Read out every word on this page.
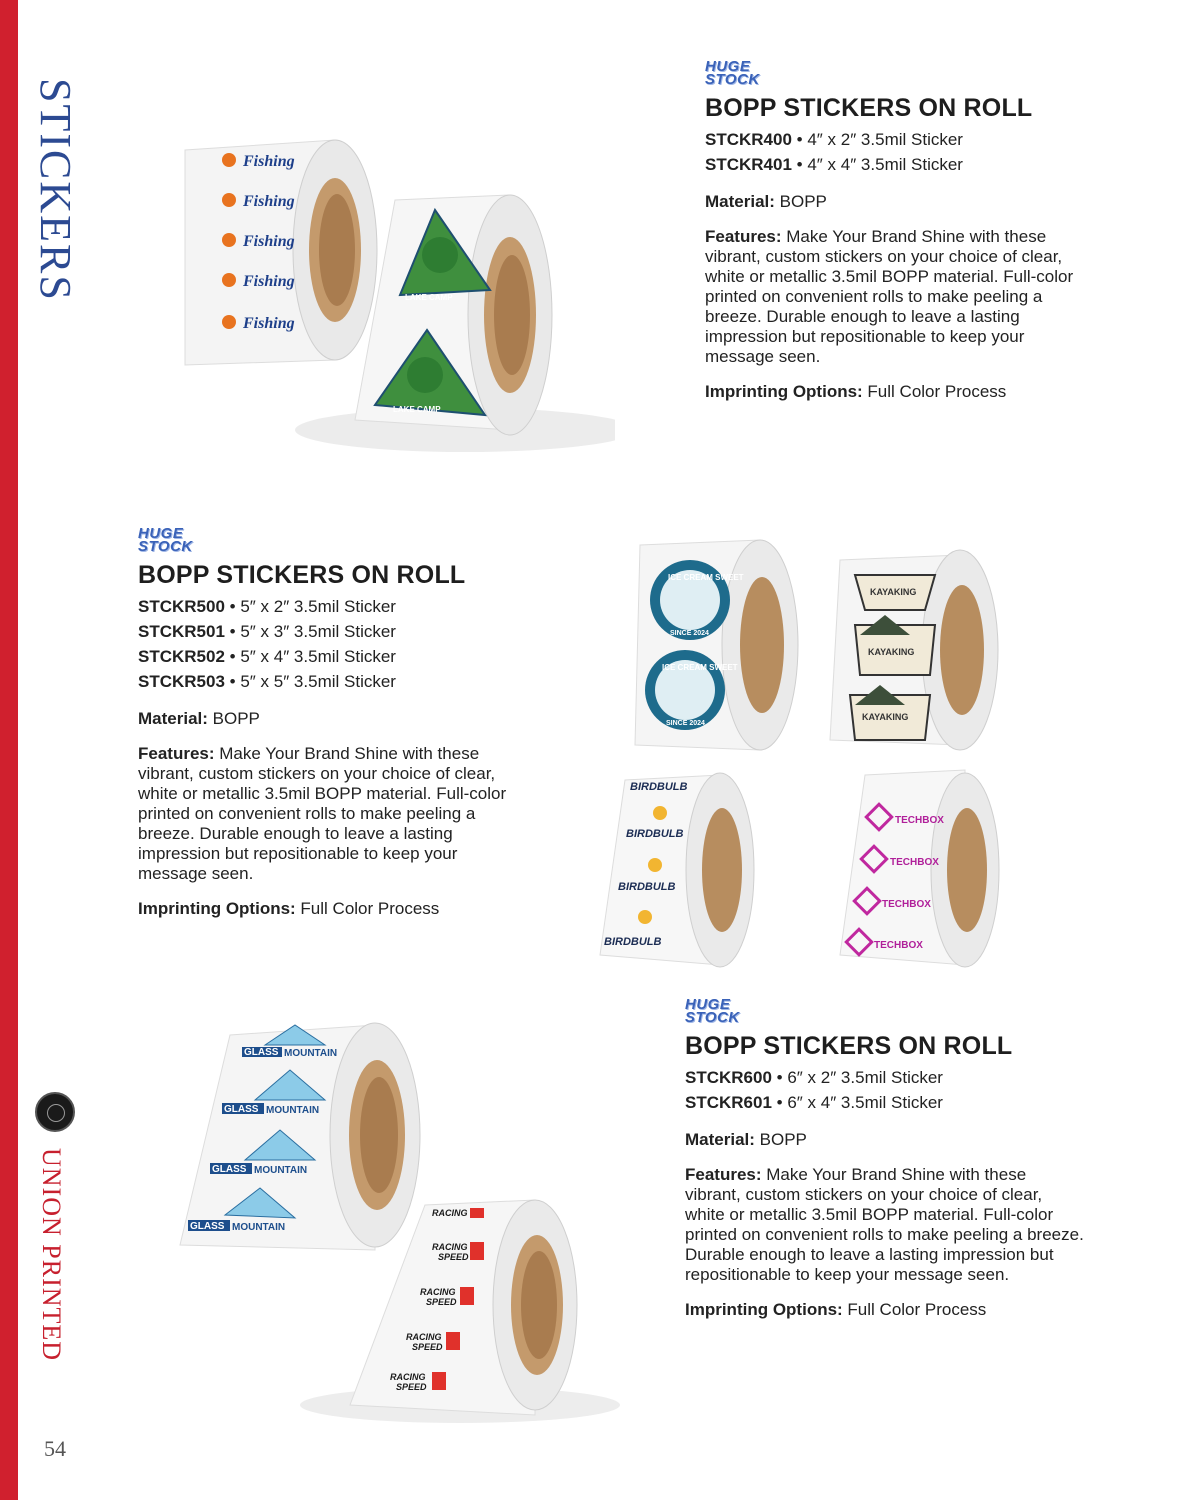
STICKERS
UNION PRINTED
54
HUGE
STOCK
BOPP STICKERS ON ROLL
STCKR400 • 4″ x 2″ 3.5mil Sticker
STCKR401 • 4″ x 4″ 3.5mil Sticker
Material: BOPP
Features: Make Your Brand Shine with these vibrant, custom stickers on your choice of clear, white or metallic 3.5mil BOPP material. Full-color printed on convenient rolls to make peeling a breeze. Durable enough to leave a lasting impression but repositionable to keep your message seen.
Imprinting Options: Full Color Process
Fishing
Fishing
Fishing
Fishing
Fishing
LAKE CAMP
LAKE CAMP
HUGE
STOCK
BOPP STICKERS ON ROLL
STCKR500 • 5″ x 2″ 3.5mil Sticker
STCKR501 • 5″ x 3″ 3.5mil Sticker
STCKR502 • 5″ x 4″ 3.5mil Sticker
STCKR503 • 5″ x 5″ 3.5mil Sticker
Material: BOPP
Features: Make Your Brand Shine with these vibrant, custom stickers on your choice of clear, white or metallic 3.5mil BOPP material. Full-color printed on convenient rolls to make peeling a breeze. Durable enough to leave a lasting impression but repositionable to keep your message seen.
Imprinting Options: Full Color Process
ICE CREAM SWEET
SINCE 2024
ICE CREAM SWEET
SINCE 2024
KAYAKING
KAYAKING
KAYAKING
BIRDBULB
BIRDBULB
BIRDBULB
BIRDBULB
TECHBOX
TECHBOX
TECHBOX
TECHBOX
HUGE
STOCK
BOPP STICKERS ON ROLL
STCKR600 • 6″ x 2″ 3.5mil Sticker
STCKR601 • 6″ x 4″ 3.5mil Sticker
Material: BOPP
Features: Make Your Brand Shine with these vibrant, custom stickers on your choice of clear, white or metallic 3.5mil BOPP material. Full-color printed on convenient rolls to make peeling a breeze. Durable enough to leave a lasting impression but repositionable to keep your message seen.
Imprinting Options: Full Color Process
GLASS MOUNTAIN
GLASS MOUNTAIN
GLASS MOUNTAIN
GLASS MOUNTAIN
RACING
RACING
SPEED
RACING
SPEED
RACING
SPEED
RACING
SPEED
